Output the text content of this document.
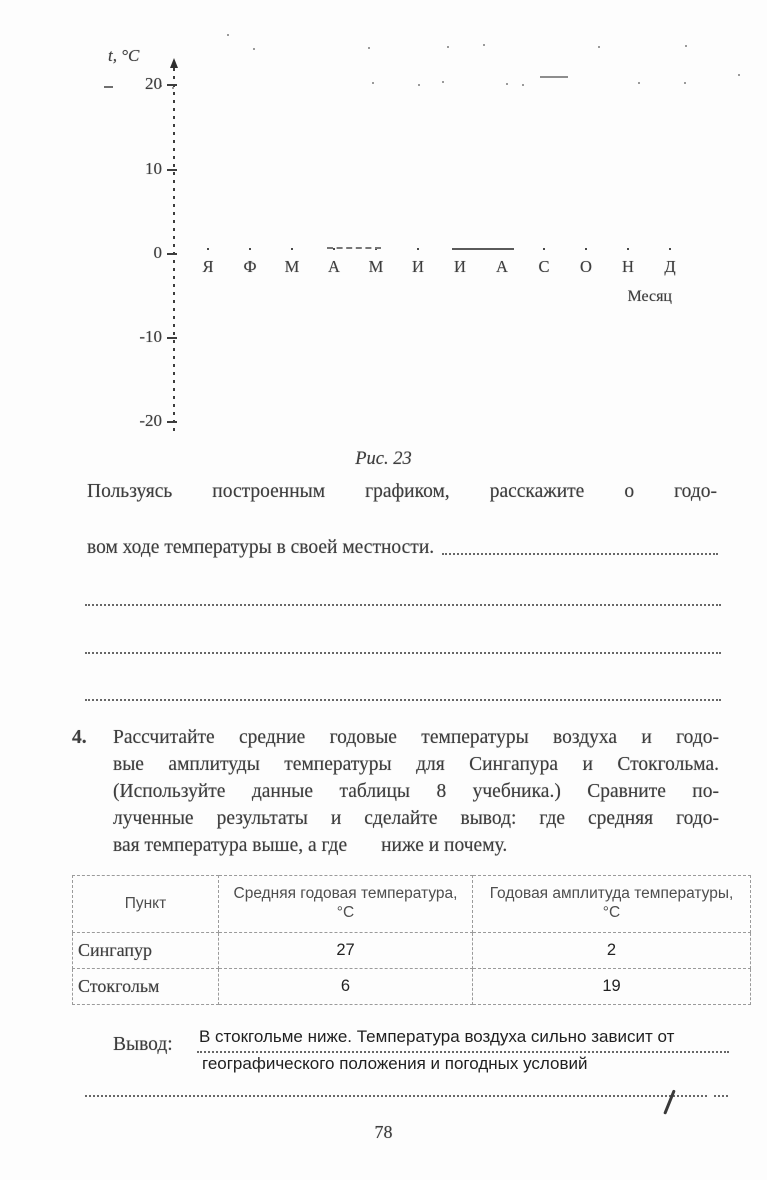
t, °C
20
10
0
-10
-20
Я	Ф	М	А	М	И	И	А	С	О	Н	Д
Месяц
Рис. 23
Пользуясь построенным графиком, расскажите о годо-
вом ходе температуры в своей местности.
4. Рассчитайте средние годовые температуры воздуха и годо-
вые амплитуды температуры для Сингапура и Стокгольма.
(Используйте данные таблицы 8 учебника.) Сравните по-
лученные результаты и сделайте вывод: где средняя годо-
вая температура выше, а где ниже и почему.
Пункт	Средняя годовая температура, °С	Годовая амплитуда температуры, °С
Сингапур	27	2
Стокгольм	6	19
Вывод: В стокгольме ниже. Температура воздуха сильно зависит от
географического положения и погодных условий
78
